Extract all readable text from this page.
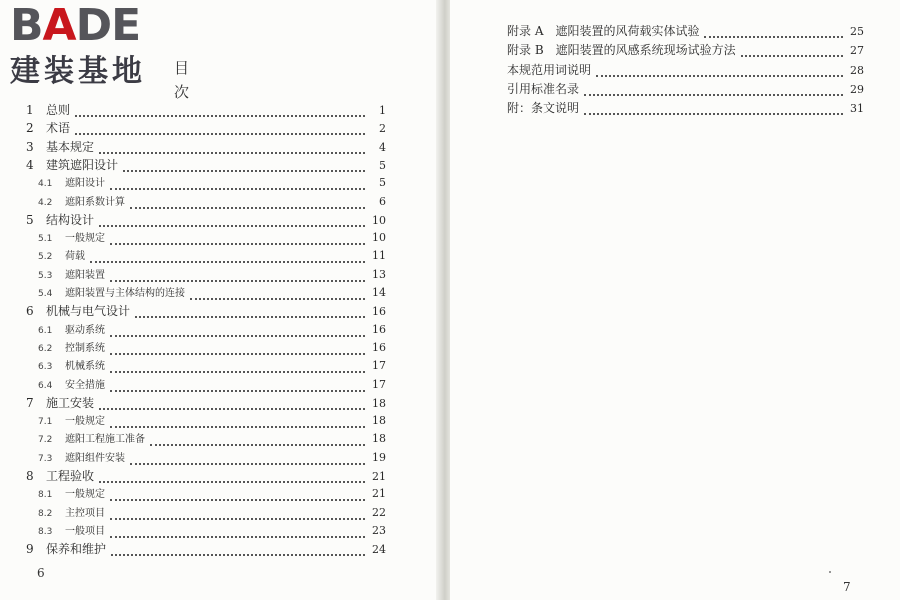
BADE
建装基地	目 次
1	总则	1
2	术语	2
3	基本规定	4
4	建筑遮阳设计	5
4.1	遮阳设计	5
4.2	遮阳系数计算	6
5	结构设计	10
5.1	一般规定	10
5.2	荷载	11
5.3	遮阳装置	13
5.4	遮阳装置与主体结构的连接	14
6	机械与电气设计	16
6.1	驱动系统	16
6.2	控制系统	16
6.3	机械系统	17
6.4	安全措施	17
7	施工安装	18
7.1	一般规定	18
7.2	遮阳工程施工准备	18
7.3	遮阳组件安装	19
8	工程验收	21
8.1	一般规定	21
8.2	主控项目	22
8.3	一般项目	23
9	保养和维护	24
6
附录 A　遮阳装置的风荷载实体试验	25
附录 B　遮阳装置的风感系统现场试验方法	27
本规范用词说明	28
引用标准名录	29
附：条文说明	31
7
